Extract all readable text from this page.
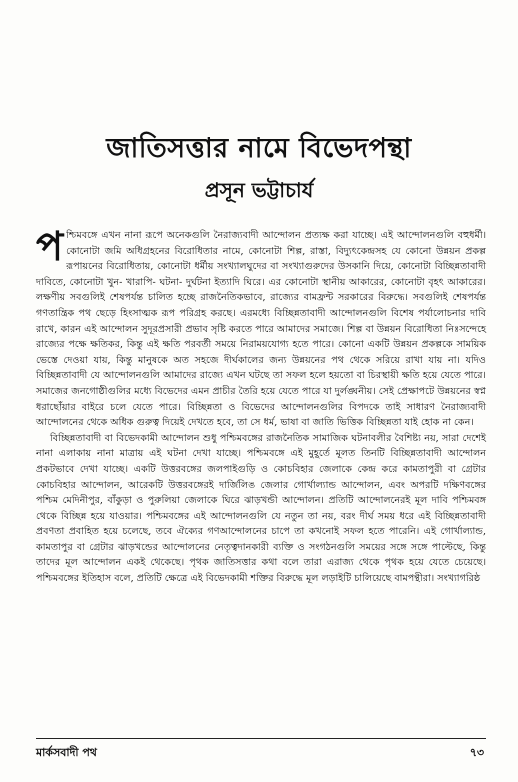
জাতিসত্তার নামে বিভেদপন্থা
প্রসূন ভট্টাচার্য

পশ্চিমবঙ্গে এখন নানা রূপে অনেকগুলি নৈরাজ্যবাদী আন্দোলন প্রত্যক্ষ করা যাচ্ছে। এই আন্দোলনগুলি বহুধর্মী। কোনোটা জমি অধিগ্রহনের বিরোধিতার নামে, কোনোটা শিল্প, রাস্তা, বিদ্যুৎকেন্দ্রসহ যে কোনো উন্নয়ন প্রকল্প রূপায়নের বিরোধিতায়, কোনোটা ধর্মীয় সংখ্যালঘুদের বা সংখ্যাগুরুদের উসকানি দিয়ে, কোনোটা বিচ্ছিন্নতাবাদী দাবিতে, কোনোটা খুন- খারাপি- ঘটনা- দুর্ঘটনা ইত্যাদি ঘিরে। এর কোনোটা স্থানীয় আকারের, কোনোটা বৃহৎ আকারের। লক্ষণীয় সবগুলিই শেষপর্যন্ত চালিত হচ্ছে রাজনৈতিকভাবে, রাজ্যের বামফ্রন্ট সরকারের বিরুদ্ধে। সবগুলিই শেষপর্যন্ত গণতান্ত্রিক পথ ছেড়ে হিংসাত্মক রূপ পরিগ্রহ করছে। এরমধ্যে বিচ্ছিন্নতাবাদী আন্দোলনগুলি বিশেষ পর্যালোচনার দাবি রাখে, কারন এই আন্দোলন সুদূরপ্রসারী প্রভাব সৃষ্টি করতে পারে আমাদের সমাজে। শিল্প বা উন্নয়ন বিরোধিতা নিঃসন্দেহে রাজ্যের পক্ষে ক্ষতিকর, কিন্তু এই ক্ষতি পরবর্তী সময়ে নিরাময়যোগ্য হতে পারে। কোনো একটি উন্নয়ন প্রকল্পকে সাময়িক ভেস্তে দেওয়া যায়, কিন্তু মানুষকে অত সহজে দীর্ঘকালের জন্য উন্নয়নের পথ থেকে সরিয়ে রাখা যায় না। যদিও বিচ্ছিন্নতাবাদী যে আন্দোলনগুলি আমাদের রাজ্যে এখন ঘটছে তা সফল হলে হয়তো বা চিরস্থায়ী ক্ষতি হয়ে যেতে পারে। সমাজের জনগোষ্ঠীগুলির মধ্যে বিভেদের এমন প্রাচীর তৈরি হয়ে যেতে পারে যা দুর্লঙ্ঘনীয়। সেই প্রেক্ষাপটে উন্নয়নের স্বপ্ন ধরাছোঁয়ার বাইরে চলে যেতে পারে। বিচ্ছিন্নতা ও বিভেদের আন্দোলনগুলির বিপদকে তাই সাধারণ নৈরাজ্যবাদী আন্দোলনের থেকে অধিক গুরুত্ব দিয়েই দেখতে হবে, তা সে ধর্ম, ভাষা বা জাতি ভিত্তিক বিচ্ছিন্নতা যাই হোক না কেন।

বিচ্ছিন্নতাবাদী বা বিভেদকামী আন্দোলন শুধু পশ্চিমবঙ্গের রাজনৈতিক সামাজিক ঘটনাবলীর বৈশিষ্ট্য নয়, সারা দেশেই নানা এলাকায় নানা মাত্রায় এই ঘটনা দেখা যাচ্ছে। পশ্চিমবঙ্গে এই মুহূর্তে মূলত তিনটি বিচ্ছিন্নতাবাদী আন্দোলন প্রকটভাবে দেখা যাচ্ছে। একটি উত্তরবঙ্গের জলপাইগুড়ি ও কোচবিহার জেলাকে কেন্দ্র করে কামতাপুরী বা গ্রেটার কোচবিহার আন্দোলন, আরেকটি উত্তরবঙ্গেরই দার্জিলিঙ জেলার গোর্খাল্যান্ড আন্দোলন, এবং অপরটি দক্ষিণবঙ্গের পশ্চিম মেদিনীপুর, বাঁকুড়া ও পুরুলিয়া জেলাকে ঘিরে ঝাড়খন্ডী আন্দোলন। প্রতিটি আন্দোলনেরই মূল দাবি পশ্চিমবঙ্গ থেকে বিচ্ছিন্ন হয়ে যাওয়ার। পশ্চিমবঙ্গের এই আন্দোলনগুলি যে নতুন তা নয়, বরং দীর্ঘ সময় ধরে এই বিচ্ছিন্নতাবাদী প্রবণতা প্রবাহিত হয়ে চলেছে, তবে ঐক্যের গণআন্দোলনের চাপে তা কখনোই সফল হতে পারেনি। এই গোর্খাল্যান্ড, কামতাপুর বা গ্রেটার ঝাড়খন্ডের আন্দোলনের নেতৃত্বদানকারী ব্যক্তি ও সংগঠনগুলি সময়ের সঙ্গে সঙ্গে পাল্টেছে, কিন্তু তাদের মূল আন্দোলন একই থেকেছে। পৃথক জাতিসত্তার কথা বলে তারা এরাজ্য থেকে পৃথক হয়ে যেতে চেয়েছে। পশ্চিমবঙ্গের ইতিহাস বলে, প্রতিটি ক্ষেত্রে এই বিভেদকামী শক্তির বিরুদ্ধে মূল লড়াইটি চালিয়েছে বামপন্থীরা। সংখ্যাগরিষ্ঠ

মার্কসবাদী পথ	৭৩
